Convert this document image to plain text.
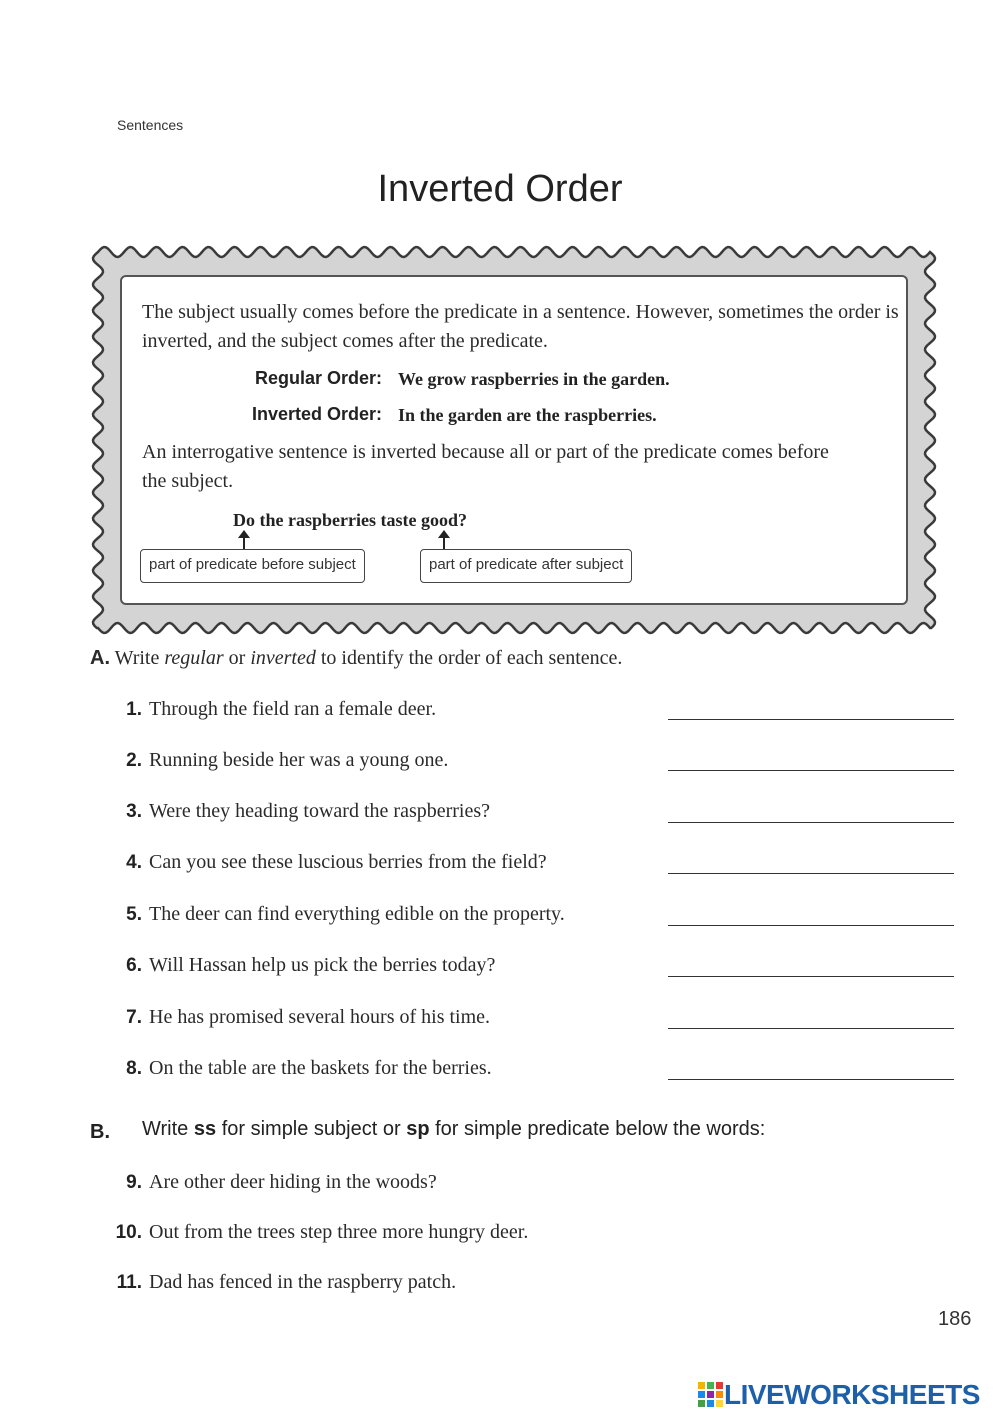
Sentences
Inverted Order
The subject usually comes before the predicate in a sentence. However, sometimes the order is inverted, and the subject comes after the predicate.
Regular Order: We grow raspberries in the garden.
Inverted Order: In the garden are the raspberries.
An interrogative sentence is inverted because all or part of the predicate comes before the subject.
Do the raspberries taste good?
part of predicate before subject	part of predicate after subject
A. Write regular or inverted to identify the order of each sentence.
1. Through the field ran a female deer.
2. Running beside her was a young one.
3. Were they heading toward the raspberries?
4. Can you see these luscious berries from the field?
5. The deer can find everything edible on the property.
6. Will Hassan help us pick the berries today?
7. He has promised several hours of his time.
8. On the table are the baskets for the berries.
B. Write ss for simple subject or sp for simple predicate below the words:
9. Are other deer hiding in the woods?
10. Out from the trees step three more hungry deer.
11. Dad has fenced in the raspberry patch.
186
LIVEWORKSHEETS
